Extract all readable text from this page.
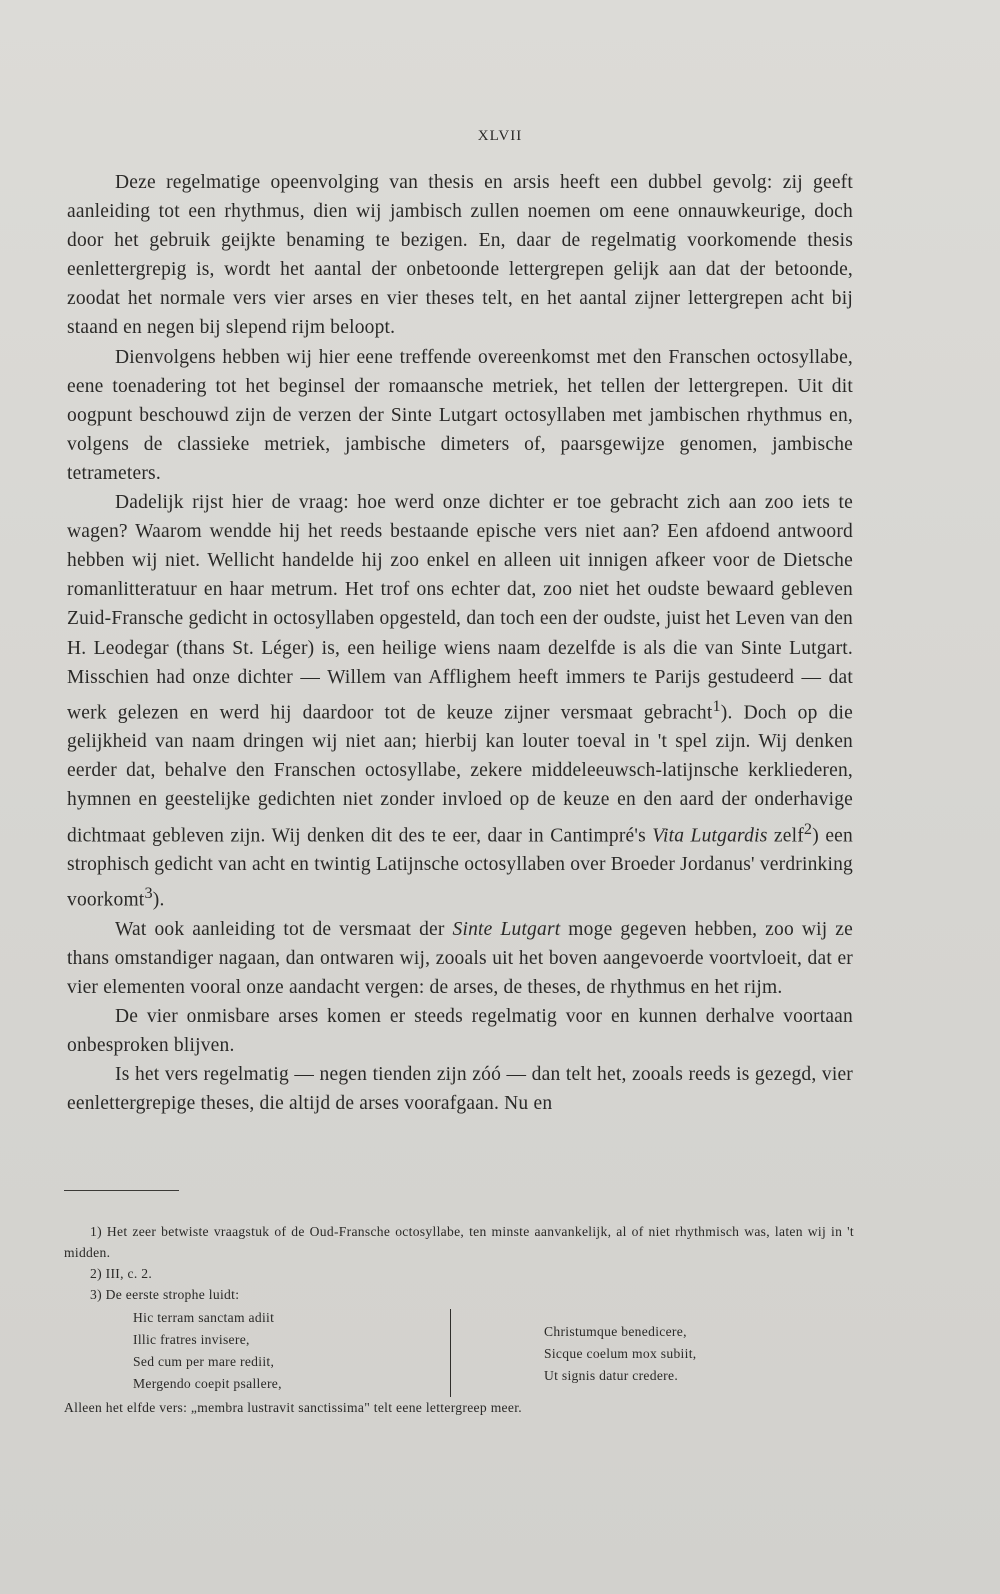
XLVII

Deze regelmatige opeenvolging van thesis en arsis heeft een dubbel gevolg: zij geeft aanleiding tot een rhythmus, dien wij jambisch zullen noemen om eene onnauwkeurige, doch door het gebruik geijkte benaming te bezigen. En, daar de regelmatig voorkomende thesis eenlettergrepig is, wordt het aantal der onbetoonde lettergrepen gelijk aan dat der betoonde, zoodat het normale vers vier arses en vier theses telt, en het aantal zijner lettergrepen acht bij staand en negen bij slepend rijm beloopt.

Dienvolgens hebben wij hier eene treffende overeenkomst met den Franschen octosyllabe, eene toenadering tot het beginsel der romaansche metriek, het tellen der lettergrepen. Uit dit oogpunt beschouwd zijn de verzen der Sinte Lutgart octosyllaben met jambischen rhythmus en, volgens de classieke metriek, jambische dimeters of, paarsgewijze genomen, jambische tetrameters.

Dadelijk rijst hier de vraag: hoe werd onze dichter er toe gebracht zich aan zoo iets te wagen? Waarom wendde hij het reeds bestaande epische vers niet aan? Een afdoend antwoord hebben wij niet. Wellicht handelde hij zoo enkel en alleen uit innigen afkeer voor de Dietsche romanlitteratuur en haar metrum. Het trof ons echter dat, zoo niet het oudste bewaard gebleven Zuid-Fransche gedicht in octosyllaben opgesteld, dan toch een der oudste, juist het Leven van den H. Leodegar (thans St. Léger) is, een heilige wiens naam dezelfde is als die van Sinte Lutgart. Misschien had onze dichter — Willem van Afflighem heeft immers te Parijs gestudeerd — dat werk gelezen en werd hij daardoor tot de keuze zijner versmaat gebracht$^1$). Doch op die gelijkheid van naam dringen wij niet aan; hierbij kan louter toeval in 't spel zijn. Wij denken eerder dat, behalve den Franschen octosyllabe, zekere middeleeuwsch-latijnsche kerkliederen, hymnen en geestelijke gedichten niet zonder invloed op de keuze en den aard der onderhavige dichtmaat gebleven zijn. Wij denken dit des te eer, daar in Cantimpré's Vita Lutgardis zelf$^2$) een strophisch gedicht van acht en twintig Latijnsche octosyllaben over Broeder Jordanus' verdrinking voorkomt$^3$).

Wat ook aanleiding tot de versmaat der Sinte Lutgart moge gegeven hebben, zoo wij ze thans omstandiger nagaan, dan ontwaren wij, zooals uit het boven aangevoerde voortvloeit, dat er vier elementen vooral onze aandacht vergen: de arses, de theses, de rhythmus en het rijm.

De vier onmisbare arses komen er steeds regelmatig voor en kunnen derhalve voortaan onbesproken blijven.

Is het vers regelmatig — negen tienden zijn zóó — dan telt het, zooals reeds is gezegd, vier eenlettergrepige theses, die altijd de arses voorafgaan. Nu en

1) Het zeer betwiste vraagstuk of de Oud-Fransche octosyllabe, ten minste aanvankelijk, al of niet rhythmisch was, laten wij in 't midden.

2) III, c. 2.

3) De eerste strophe luidt:

Hic terram sanctam adiit
Illic fratres invisere,
Sed cum per mare rediit,
Mergendo coepit psallere,
Christumque benedicere,
Sicque coelum mox subiit,
Ut signis datur credere.

Alleen het elfde vers: „membra lustravit sanctissima" telt eene lettergreep meer.
